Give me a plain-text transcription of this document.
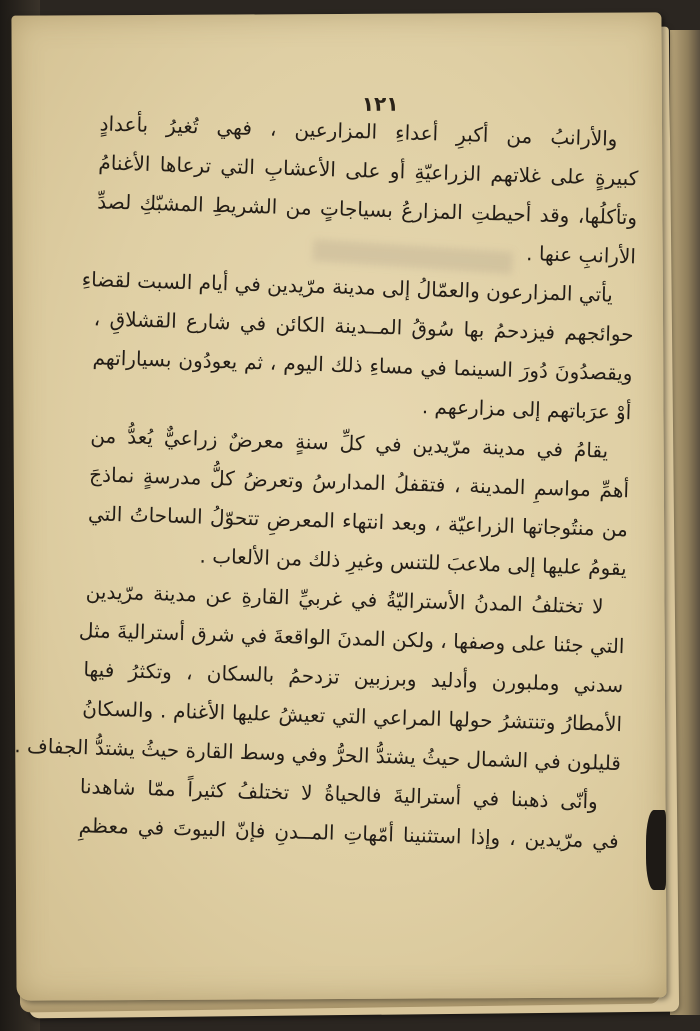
١٢١
والأرانبُ من أكبرِ أعداءِ المزارعين ، فهي تُغيرُ بأعدادٍ
كبيرةٍ على غلاتهم الزراعيّةِ أو على الأعشابِ التي ترعاها الأغنامُ
وتأكلُها، وقد أحيطتِ المزارعُ بسياجاتٍ من الشريطِ المشبّكِ لصدِّ
الأرانبِ عنها .
يأتي المزارعون والعمّالُ إلى مدينة مرّيدين في أيام السبت لقضاءِ
حوائجهم فيزدحمُ بها سُوقُ المــدينة الكائن في شارع القشلاقِ ،
ويقصدُونَ دُورَ السينما في مساءِ ذلك اليوم ، ثم يعودُون بسياراتهم
أوْ عرَباتهم إلى مزارعهم .
يقامُ في مدينة مرّيدين في كلِّ سنةٍ معرضٌ زراعيٌّ يُعدُّ من
أهمِّ مواسمِ المدينة ، فتقفلُ المدارسُ وتعرضُ كلُّ مدرسةٍ نماذجَ
من منتُوجاتها الزراعيّة ، وبعد انتهاء المعرضِ تتحوّلُ الساحاتُ التي
يقومُ عليها إلى ملاعبَ للتنس وغيرِ ذلك من الألعاب .
لا تختلفُ المدنُ الأستراليّةُ في غربيِّ القارةِ عن مدينة مرّيدين
التي جئنا على وصفها ، ولكن المدنَ الواقعةَ في شرق أستراليةَ مثل
سدني وملبورن وأدليد وبرزبين تزدحمُ بالسكان ، وتكثرُ فيها
الأمطارُ وتنتشرُ حولها المراعي التي تعيشُ عليها الأغنام . والسكانُ
قليلون في الشمال حيثُ يشتدُّ الحرُّ وفي وسط القارة حيثُ يشتدُّ الجفاف .
وأنّى ذهبنا في أستراليةَ فالحياةُ لا تختلفُ كثيراً ممّا شاهدنا
في مرّيدين ، وإذا استثنينا أمّهاتِ المــدنِ فإنّ البيوتَ في معظمِ
